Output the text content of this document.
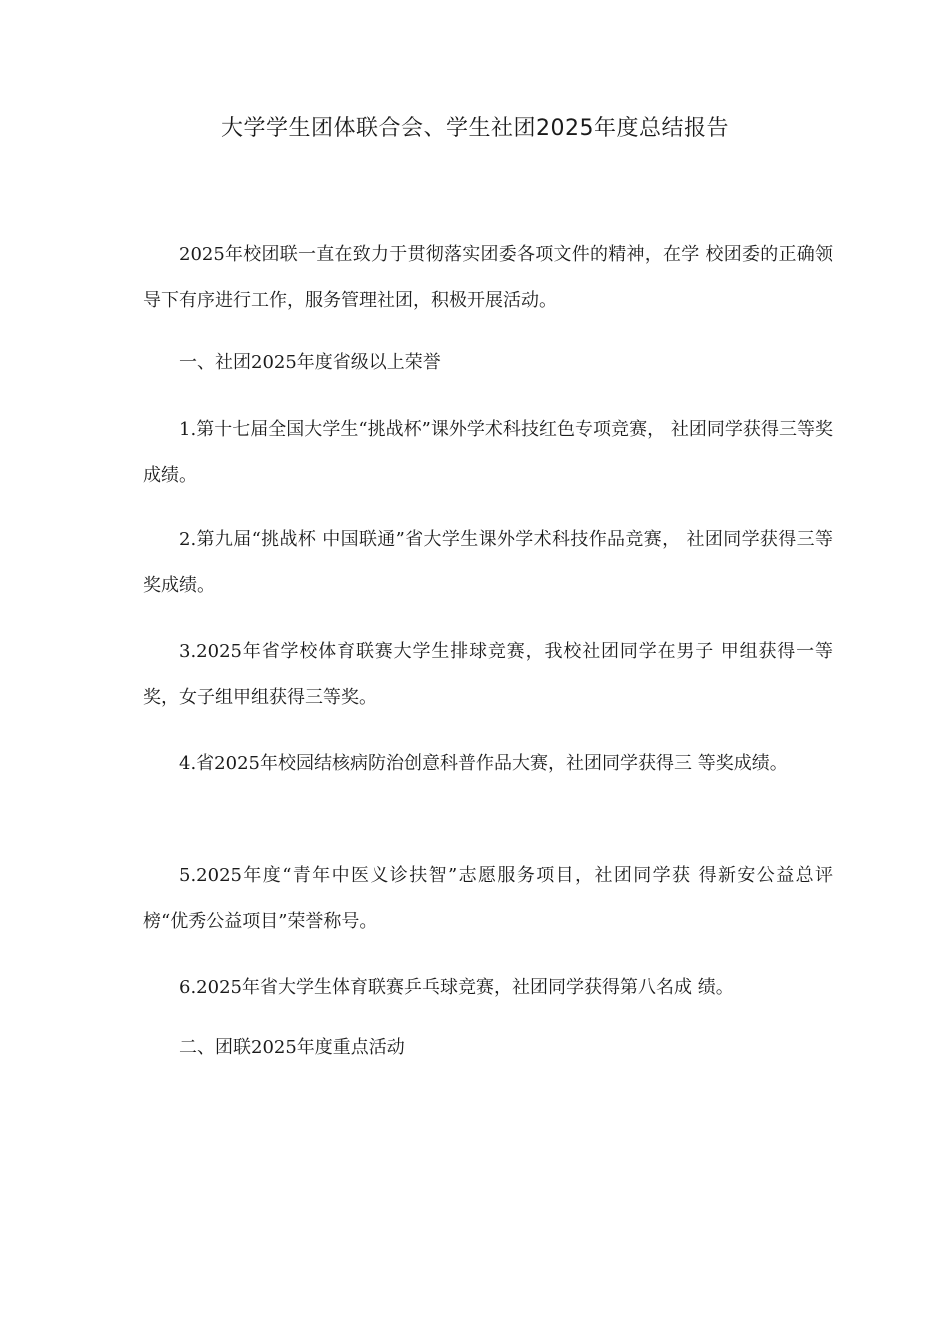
大学学生团体联合会、学生社团2025年度总结报告

2025年校团联一直在致力于贯彻落实团委各项文件的精神，在学 校团委的正确领导下有序进行工作，服务管理社团，积极开展活动。

一、社团2025年度省级以上荣誉

1.第十七届全国大学生“挑战杯”课外学术科技红色专项竞赛， 社团同学获得三等奖成绩。

2.第九届“挑战杯 中国联通”省大学生课外学术科技作品竞赛， 社团同学获得三等奖成绩。

3.2025年省学校体育联赛大学生排球竞赛，我校社团同学在男子 甲组获得一等奖，女子组甲组获得三等奖。

4.省2025年校园结核病防治创意科普作品大赛，社团同学获得三 等奖成绩。

5.2025年度“青年中医义诊扶智”志愿服务项目，社团同学获 得新安公益总评榜“优秀公益项目”荣誉称号。

6.2025年省大学生体育联赛乒乓球竞赛，社团同学获得第八名成 绩。

二、团联2025年度重点活动
